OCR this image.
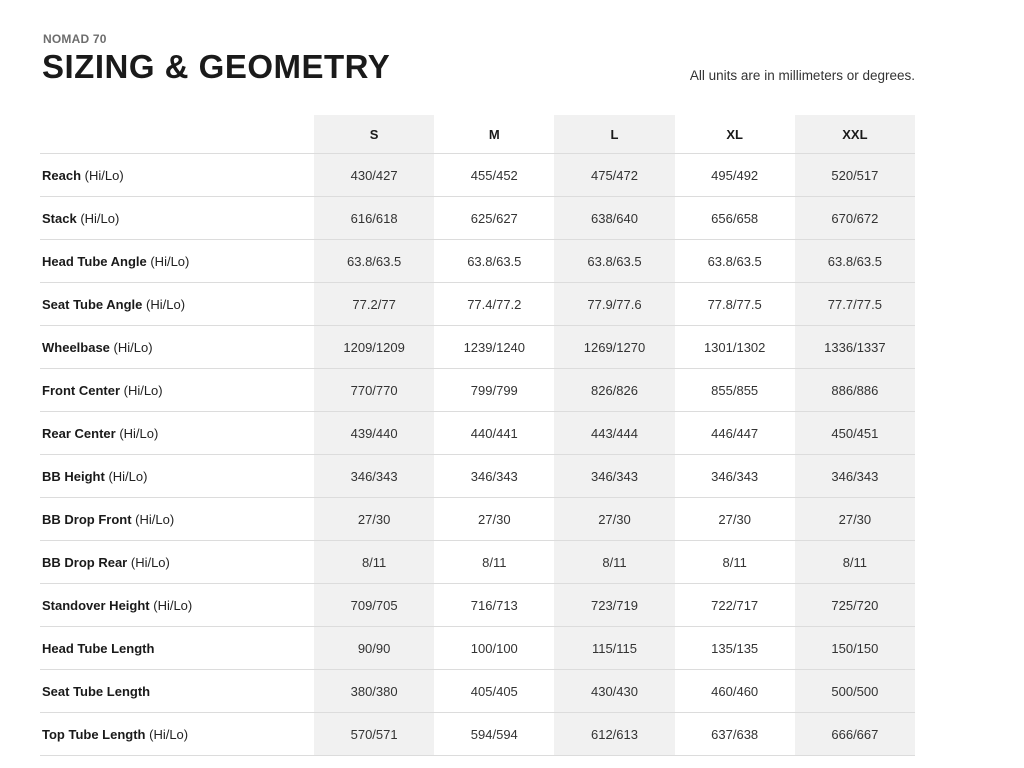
NOMAD 70
SIZING & GEOMETRY	All units are in millimeters or degrees.
	S	M	L	XL	XXL
Reach (Hi/Lo)	430/427	455/452	475/472	495/492	520/517
Stack (Hi/Lo)	616/618	625/627	638/640	656/658	670/672
Head Tube Angle (Hi/Lo)	63.8/63.5	63.8/63.5	63.8/63.5	63.8/63.5	63.8/63.5
Seat Tube Angle (Hi/Lo)	77.2/77	77.4/77.2	77.9/77.6	77.8/77.5	77.7/77.5
Wheelbase (Hi/Lo)	1209/1209	1239/1240	1269/1270	1301/1302	1336/1337
Front Center (Hi/Lo)	770/770	799/799	826/826	855/855	886/886
Rear Center (Hi/Lo)	439/440	440/441	443/444	446/447	450/451
BB Height (Hi/Lo)	346/343	346/343	346/343	346/343	346/343
BB Drop Front (Hi/Lo)	27/30	27/30	27/30	27/30	27/30
BB Drop Rear (Hi/Lo)	8/11	8/11	8/11	8/11	8/11
Standover Height (Hi/Lo)	709/705	716/713	723/719	722/717	725/720
Head Tube Length	90/90	100/100	115/115	135/135	150/150
Seat Tube Length	380/380	405/405	430/430	460/460	500/500
Top Tube Length (Hi/Lo)	570/571	594/594	612/613	637/638	666/667
